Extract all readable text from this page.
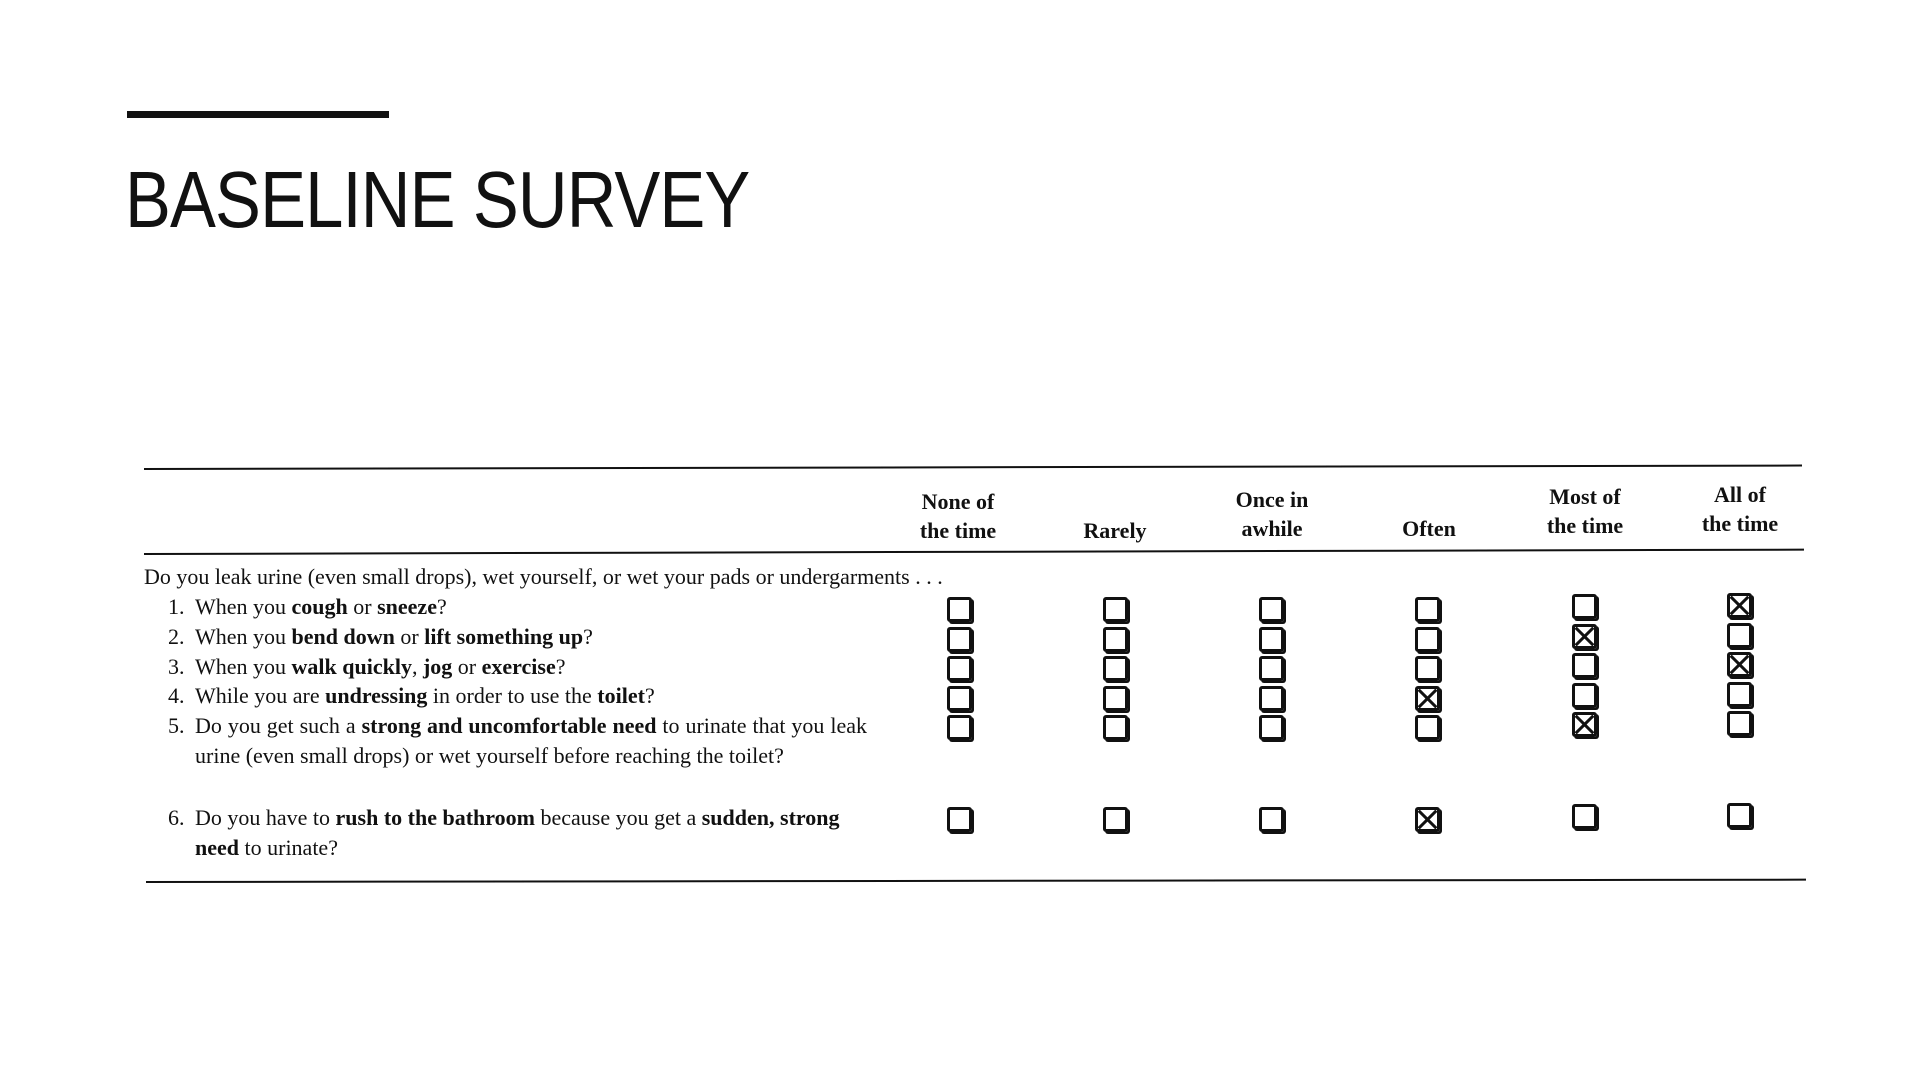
BASELINE SURVEY
None of
the time
	Rarely
Once in
awhile
	Often
Most of
the time
All of
the time
Do you leak urine (even small drops), wet yourself, or wet your pads or undergarments . . .
1. When you cough or sneeze?
2. When you bend down or lift something up?
3. When you walk quickly, jog or exercise?
4. While you are undressing in order to use the toilet?
5. Do you get such a strong and uncomfortable need to urinate that you leak urine (even small drops) or wet yourself before reaching the toilet?
6. Do you have to rush to the bathroom because you get a sudden, strong need to urinate?
